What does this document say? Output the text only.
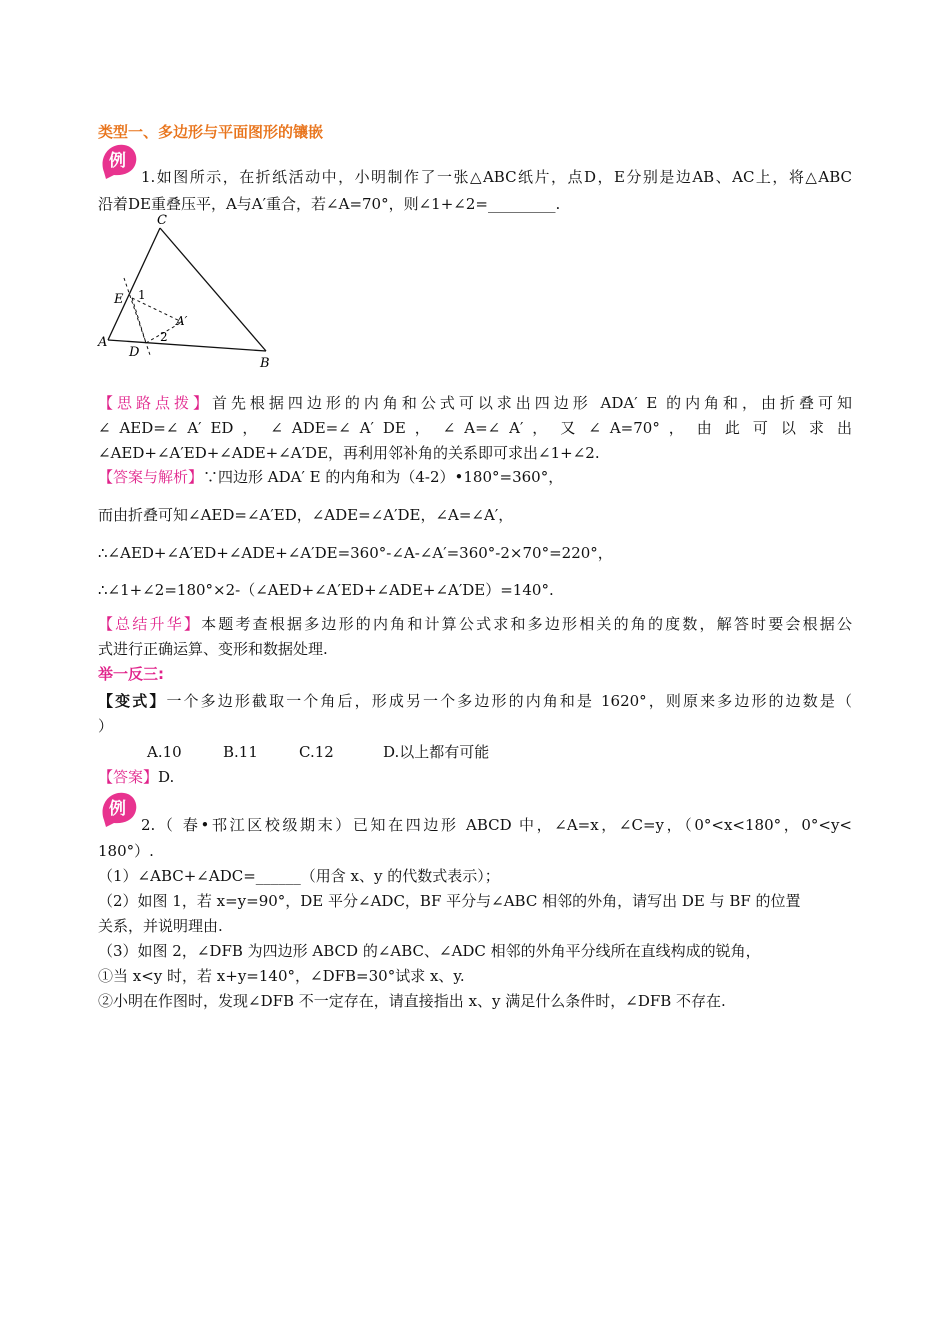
类型一、多边形与平面图形的镶嵌
例
1.如图所示，在折纸活动中，小明制作了一张△ABC纸片，点D，E分别是边AB、AC上，将△ABC
沿着DE重叠压平，A与A′重合，若∠A=70°，则∠1+∠2=_________.
C
E 1
A′
2
A
D
B
【思路点拨】首先根据四边形的内角和公式可以求出四边形 ADA′ E 的内角和，由折叠可知
∠ AED=∠ A′ ED ， ∠ ADE=∠ A′ DE ， ∠ A=∠ A′ ， 又 ∠ A=70° ， 由 此 可 以 求 出
∠AED+∠A′ED+∠ADE+∠A′DE，再利用邻补角的关系即可求出∠1+∠2.
【答案与解析】∵四边形 ADA′ E 的内角和为（4-2）•180°=360°，
而由折叠可知∠AED=∠A′ED，∠ADE=∠A′DE，∠A=∠A′，
∴∠AED+∠A′ED+∠ADE+∠A′DE=360°-∠A-∠A′=360°-2×70°=220°，
∴∠1+∠2=180°×2-（∠AED+∠A′ED+∠ADE+∠A′DE）=140°.
【总结升华】本题考查根据多边形的内角和计算公式求和多边形相关的角的度数，解答时要会根据公
式进行正确运算、变形和数据处理.
举一反三:
【变式】一个多边形截取一个角后，形成另一个多边形的内角和是 1620°，则原来多边形的边数是（
）
A.10	B.11	C.12	D.以上都有可能
【答案】D.
例
2.（ 春•邗江区校级期末）已知在四边形 ABCD 中，∠A=x，∠C=y，（0°<x<180°，0°<y<
180°）.
（1）∠ABC+∠ADC=______（用含 x、y 的代数式表示）；
（2）如图 1，若 x=y=90°，DE 平分∠ADC，BF 平分与∠ABC 相邻的外角，请写出 DE 与 BF 的位置
关系，并说明理由.
（3）如图 2，∠DFB 为四边形 ABCD 的∠ABC、∠ADC 相邻的外角平分线所在直线构成的锐角，
①当 x<y 时，若 x+y=140°，∠DFB=30°试求 x、y.
②小明在作图时，发现∠DFB 不一定存在，请直接指出 x、y 满足什么条件时，∠DFB 不存在.
